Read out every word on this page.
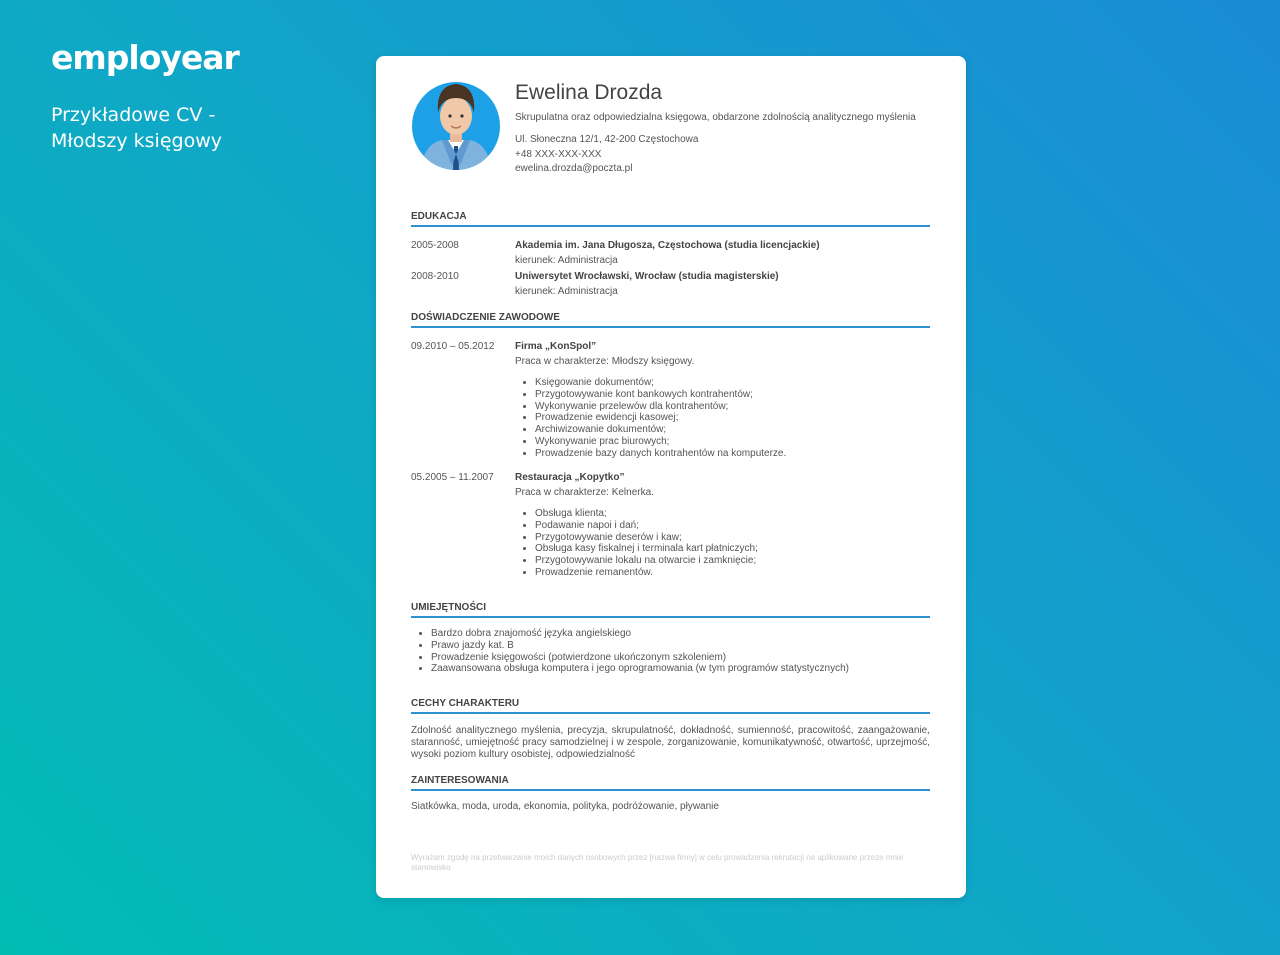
employear
Przykładowe CV -
Młodszy księgowy
Ewelina Drozda
Skrupulatna oraz odpowiedzialna księgowa, obdarzone zdolnością analitycznego myślenia
Ul. Słoneczna 12/1, 42-200 Częstochowa
+48 XXX-XXX-XXX
ewelina.drozda@poczta.pl
EDUKACJA
2005-2008	Akademia im. Jana Długosza, Częstochowa (studia licencjackie)
kierunek: Administracja
2008-2010	Uniwersytet Wrocławski, Wrocław (studia magisterskie)
kierunek: Administracja
DOŚWIADCZENIE ZAWODOWE
09.2010 – 05.2012 Firma „KonSpol”
Praca w charakterze: Młodszy księgowy.
• Księgowanie dokumentów;
• Przygotowywanie kont bankowych kontrahentów;
• Wykonywanie przelewów dla kontrahentów;
• Prowadzenie ewidencji kasowej;
• Archiwizowanie dokumentów;
• Wykonywanie prac biurowych;
• Prowadzenie bazy danych kontrahentów na komputerze.
05.2005 – 11.2007 Restauracja „Kopytko”
Praca w charakterze: Kelnerka.
• Obsługa klienta;
• Podawanie napoi i dań;
• Przygotowywanie deserów i kaw;
• Obsługa kasy fiskalnej i terminala kart płatniczych;
• Przygotowywanie lokalu na otwarcie i zamknięcie;
• Prowadzenie remanentów.
UMIEJĘTNOŚCI
• Bardzo dobra znajomość języka angielskiego
• Prawo jazdy kat. B
• Prowadzenie księgowości (potwierdzone ukończonym szkoleniem)
• Zaawansowana obsługa komputera i jego oprogramowania (w tym programów statystycznych)
CECHY CHARAKTERU
Zdolność analitycznego myślenia, precyzja, skrupulatność, dokładność, sumienność, pracowitość, zaangażowanie, staranność, umiejętność pracy samodzielnej i w zespole, zorganizowanie, komunikatywność, otwartość, uprzejmość, wysoki poziom kultury osobistej, odpowiedzialność
ZAINTERESOWANIA
Siatkówka, moda, uroda, ekonomia, polityka, podróżowanie, pływanie
Wyrażam zgodę na przetwarzanie moich danych osobowych przez [nazwa firmy] w celu prowadzenia rekrutacji na aplikowane przeze mnie stanowisko
